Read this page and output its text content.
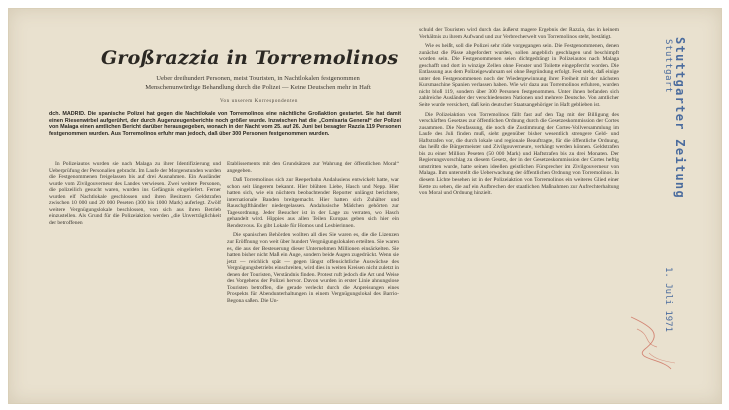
Großrazzia in Torremolinos
Ueber dreihundert Personen, meist Touristen, in Nachtlokalen festgenommen
Menschenunwürdige Behandlung durch die Polizei — Keine Deutschen mehr in Haft
Von unserem Korrespondenten
dch. MADRID. Die spanische Polizei hat gegen die Nachtlokale von Torremolinos eine nächtliche Großaktion gestartet. Sie hat damit einen Riesenwirbel aufgerührt, der durch Augenzeugenberichte noch größer wurde. Inzwischen hat die „Comisaria General“ der Polizei von Malaga einen amtlichen Bericht darüber herausgegeben, wonach in der Nacht vom 25. auf 26. Juni bei besagter Razzia 119 Personen festgenommen wurden. Aus Torremolinos erfuhr man jedoch, daß über 300 Personen festgenommen wurden.

In Polizeiautos wurden sie nach Malaga zu ihrer Identifizierung und Ueberprüfung der Personalien gebracht. Im Laufe der Morgenstunden wurden die Festgenommenen freigelassen bis auf drei Ausnahmen. Ein Ausländer wurde vom Zivilgouverneur des Landes verwiesen. Zwei weitere Personen, die polizeilich gesucht waren, wurden ins Gefängnis eingeliefert. Ferner wurden elf Nachtlokale geschlossen und ihren Besitzern Geldstrafen zwischen 10 000 und 20 000 Peseten (300 bis 1000 Mark) auferlegt. Zwölf weitere Vergnügungslokale beschlossen, von sich aus ihren Betrieb einzustellen. Als Grund für die Polizeiaktion werden „die Unverträglichkeit der betroffenen

Etablissements mit den Grundsätzen zur Wahrung der öffentlichen Moral“ angegeben.

Daß Torremolinos sich zur Reeperbahn Andalusiens entwickelt hatte, war schon seit längerem bekannt. Hier blühten Liebe, Hasch und Nepp. Hier hatten sich, wie ein nüchtern beobachtender Reporter unlängst berichtete, internationale Banden breitgemacht. Hier hatten sich Zuhälter und Rauschgifthändler niedergelassen. Andalusische Mädchen gehörten zur Tagesordnung. Jeder Besucher ist in der Lage zu verraten, wo Hasch gehandelt wird. Hippies aus allen Teilen Europas geben sich hier ein Rendezvous. Es gibt Lokale für Homos und Lesbierinnen.

Die spanischen Behörden wollten all dies Sie waren es, die die Lizenzen zur Eröffnung von weit über hundert Vergnügungslokalen erteilten. Sie waren es, die aus der Besteuerung dieser Unternehmen Millionen einsäckelten. Sie hatten bisher nicht Maß ein Auge, sondern beide Augen zugedrückt. Wenn sie jetzt — reichlich spät — gegen längst offensichtliche Auswüchse des Vergnügungsbetriebs einschreiten, wird dies in weiten Kreisen nicht zuletzt in denen der Touristen, Verständnis finden. Protest ruft jedoch die Art und Weise des Vorgehens der Polizei hervor. Davon wurden in erster Linie ahnungslose Touristen betroffen, die gerade verleckt durch die Anpreisungen eines Prospekts für Abendunterhaltungen in einem Vergnügungslokal des Barrio-Begona saßen. Die Un-

schuld der Touristen wird durch das äußerst magere Ergebnis der Razzia, das in keinem Verhältnis zu ihrem Aufwand und zur Verbrecherwelt von Torremolinos steht, bestätigt.

Wie es heißt, soll die Polizei sehr rüde vorgegangen sein. Die Festgenommenen, denen zunächst die Pässe abgefordert wurden, sollen angeblich geschlagen und beschimpft worden sein. Die Festgenommenen seien dichtgedrängt in Polizeiautos nach Malaga geschafft und dort in winzige Zellen ohne Fenster und Toilette eingepfercht worden. Die Entlassung aus dem Polizeigewahrsam sei ohne Begründung erfolgt. Fest steht, daß einige unter den Festgenommenen noch der Wiedergewinnung ihrer Freiheit mit der nächsten Kursmaschine Spanien verlassen haben. Wie wir dazu aus Torremolinos erfuhren, wurden nicht bloß 119, sondern über 300 Personen festgenommen. Unter ihnen befanden sich zahlreiche Ausländer der verschiedensten Nationen und mehrere Deutsche. Von amtlicher Seite wurde versichert, daß kein deutscher Staatsangehöriger in Haft geblieben ist.

Die Polizeiaktion von Torremolinos fällt fast auf den Tag mit der Billigung des verschärften Gesetzes zur öffentlichen Ordnung durch die Gesetzeskommission der Cortes zusammen. Die Neufassung, die noch die Zustimmung der Cortes-Vollversammlung im Laufe des Juli finden muß, sieht gegenüber bisher wesentlich strengere Geld- und Haftstrafen vor, die durch lokale und regionale Beauftragte, für die öffentliche Ordnung, das heißt die Bürgermeister und Zivilgouverneure, verhängt werden können. Geldstrafen bis zu einer Million Peseten (50 000 Mark) und Haftstrafen bis zu drei Monaten. Der Regierungsvorschlag zu diesem Gesetz, der in der Gesetzeskommission der Cortes heftig umstritten wurde, hatte seinen ideellen geistlichen Fürsprecher im Zivilgouverneur von Malaga. Ihm unterstellt die Ueberwachung der öffentlichen Ordnung von Torremolinos. In diesem Lichte besehen ist in der Polizeiaktion von Torremolinos ein weiteres Glied einer Kette zu sehen, die auf ein Aufbrechen der staatlichen Maßnahmen zur Aufrechterhaltung von Moral und Ordnung hinzielt.	Stuttgarter Zeitung
Stuttgart
1. Juli 1971
